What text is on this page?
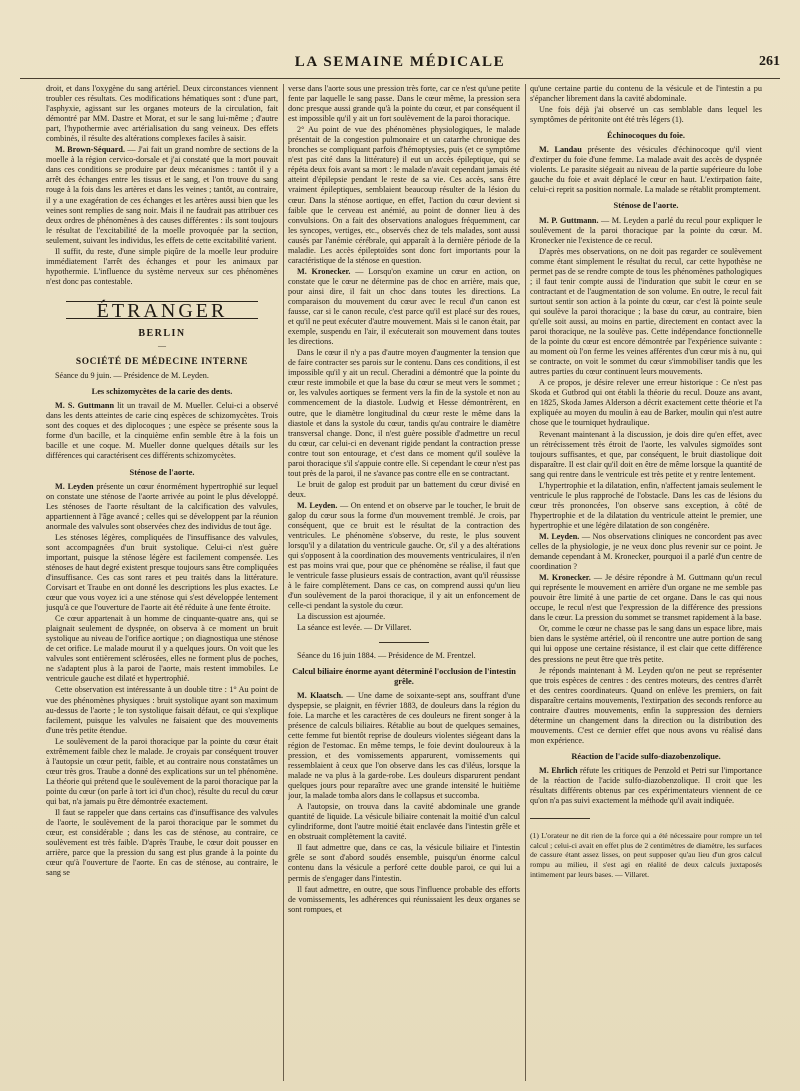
LA SEMAINE MÉDICALE	261

droit, et dans l'oxygène du sang artériel. Deux circonstances viennent troubler ces résultats. Ces modifications hématiques sont : d'une part, l'asphyxie, agissant sur les organes moteurs de la circulation, fait démontré par MM. Dastre et Morat, et sur le sang lui-même ; d'autre part, l'hypothermie avec artérialisation du sang veineux. Des effets combinés, il résulte des altérations complexes faciles à saisir.

M. Brown-Séquard. — J'ai fait un grand nombre de sections de la moelle à la région cervico-dorsale et j'ai constaté que la mort pouvait dans ces conditions se produire par deux mécanismes : tantôt il y a arrêt des échanges entre les tissus et le sang, et l'on trouve du sang rouge à la fois dans les artères et dans les veines ; tantôt, au contraire, il y a une exagération de ces échanges et les artères aussi bien que les veines sont remplies de sang noir. Mais il ne faudrait pas attribuer ces deux ordres de phénomènes à des causes différentes : ils sont toujours le résultat de l'excitabilité de la moelle provoquée par la section, seulement, suivant les individus, les effets de cette excitabilité varient.

Il suffit, du reste, d'une simple piqûre de la moelle leur produire immédiatement l'arrêt des échanges et pour les animaux par hypothermie. L'influence du système nerveux sur ces phénomènes n'est donc pas contestable.

ÉTRANGER
BERLIN
—
SOCIÉTÉ DE MÉDECINE INTERNE

Séance du 9 juin. — Présidence de M. Leyden.

Les schizomycètes de la carie des dents.

M. S. Guttmann lit un travail de M. Mueller. Celui-ci a observé dans les dents atteintes de carie cinq espèces de schizomycètes. Trois sont des coques et des diplocoques ; une espèce se présente sous la forme d'un bacille, et la cinquième enfin semble être à la fois un bacille et une coque. M. Mueller donne quelques détails sur les différences qui caractérisent ces différents schizomycètes.

Sténose de l'aorte.

M. Leyden présente un cœur énormément hypertrophié sur lequel on constate une sténose de l'aorte arrivée au point le plus développé. Les sténoses de l'aorte résultant de la calcification des valvules, appartiennent à l'âge avancé ; celles qui se développent par la réunion anormale des valvules sont observées chez des individus de tout âge.

Les sténoses légères, compliquées de l'insuffisance des valvules, sont accompagnées d'un bruit systolique. Celui-ci n'est guère important, puisque la sténose légère est facilement compensée. Les sténoses de haut degré existent presque toujours sans être compliquées d'insuffisance. Ces cas sont rares et peu traités dans la littérature. Corvisart et Traube en ont donné les descriptions les plus exactes. Le cœur que vous voyez ici a une sténose qui s'est développée lentement jusqu'à ce que l'ouverture de l'aorte ait été réduite à une fente étroite.

Ce cœur appartenait à un homme de cinquante-quatre ans, qui se plaignait seulement de dyspnée, on observa à ce moment un bruit systolique au niveau de l'orifice aortique ; on diagnostiqua une sténose de cet orifice. Le malade mourut il y a quelques jours. On voit que les valvules sont entièrement sclérosées, elles ne forment plus de poches, ne s'adaptent plus à la paroi de l'aorte, mais restent immobiles. Le ventricule gauche est dilaté et hypertrophié.

Cette observation est intéressante à un double titre : 1° Au point de vue des phénomènes physiques : bruit systolique ayant son maximum au-dessus de l'aorte ; le ton systolique faisait défaut, ce qui s'explique facilement, puisque les valvules ne faisaient que des mouvements d'une très petite étendue.

Le soulèvement de la paroi thoracique par la pointe du cœur était extrêmement faible chez le malade. Je croyais par conséquent trouver à l'autopsie un cœur petit, faible, et au contraire nous constatâmes un cœur très gros. Traube a donné des explications sur un tel phénomène. La théorie qui prétend que le soulèvement de la paroi thoracique par la pointe du cœur (on parle à tort ici d'un choc), résulte du recul du cœur qui bat, n'a jamais pu être démontrée exactement.

Il faut se rappeler que dans certains cas d'insuffisance des valvules de l'aorte, le soulèvement de la paroi thoracique par le sommet du cœur, est considérable ; dans les cas de sténose, au contraire, ce soulèvement est très faible. D'après Traube, le cœur doit pousser en arrière, parce que la pression du sang est plus grande à la pointe du cœur qu'à l'ouverture de l'aorte. En cas de sténose, au contraire, le sang se

verse dans l'aorte sous une pression très forte, car ce n'est qu'une petite fente par laquelle le sang passe. Dans le cœur même, la pression sera donc presque aussi grande qu'à la pointe du cœur, et par conséquent il est impossible qu'il y ait un fort soulèvement de la paroi thoracique.

2° Au point de vue des phénomènes physiologiques, le malade présentait de la congestion pulmonaire et un catarrhe chronique des bronches se compliquant parfois d'hémoptysies, puis (et ce symptôme n'est pas cité dans la littérature) il eut un accès épileptique, qui se répéta deux fois avant sa mort : le malade n'avait cependant jamais été atteint d'épilepsie pendant le reste de sa vie. Ces accès, sans être vraiment épileptiques, semblaient beaucoup résulter de la lésion du cœur. Dans la sténose aortique, en effet, l'action du cœur devient si faible que le cerveau est anémié, au point de donner lieu à des convulsions. On a fait des observations analogues fréquemment, car les syncopes, vertiges, etc., observés chez de tels malades, sont aussi causés par l'anémie cérébrale, qui apparaît à la dernière période de la maladie. Les accès épileptoïdes sont donc fort importants pour la caractéristique de la sténose en question.

M. Kronecker. — Lorsqu'on examine un cœur en action, on constate que le cœur ne détermine pas de choc en arrière, mais que, pour ainsi dire, il fait un choc dans toutes les directions. La comparaison du mouvement du cœur avec le recul d'un canon est fausse, car si le canon recule, c'est parce qu'il est placé sur des roues, et qu'il ne peut exécuter d'autre mouvement. Mais si le canon était, par exemple, suspendu en l'air, il exécuterait son mouvement dans toutes les directions.

Dans le cœur il n'y a pas d'autre moyen d'augmenter la tension que de faire contracter ses parois sur le contenu. Dans ces conditions, il est impossible qu'il y ait un recul. Cheradini a démontré que la pointe du cœur reste immobile et que la base du cœur se meut vers le sommet ; or, les valvules aortiques se ferment vers la fin de la systole et non au commencement de la diastole. Ludwig et Hesse démontrèrent, en outre, que le diamètre longitudinal du cœur reste le même dans la diastole et dans la systole du cœur, tandis qu'au contraire le diamètre transversal change. Donc, il n'est guère possible d'admettre un recul du cœur, car celui-ci en devenant rigide pendant la contraction presse contre tout son entourage, et c'est dans ce moment qu'il soulève la paroi thoracique s'il s'appuie contre elle. Si cependant le cœur n'est pas tout près de la paroi, il ne s'avance pas contre elle en se contractant.

Le bruit de galop est produit par un battement du cœur divisé en deux.

M. Leyden. — On entend et on observe par le toucher, le bruit de galop du cœur sous la forme d'un mouvement tremblé. Je crois, par conséquent, que ce bruit est le résultat de la contraction des ventricules. Le phénomène s'observe, du reste, le plus souvent lorsqu'il y a dilatation du ventricule gauche. Or, s'il y a des altérations qui s'opposent à la coordination des mouvements ventriculaires, il n'en est pas moins vrai que, pour que ce phénomène se réalise, il faut que le ventricule fasse plusieurs essais de contraction, avant qu'il réussisse à le faire complètement. Dans ce cas, on comprend aussi qu'un lieu d'un soulèvement de la paroi thoracique, il y ait un enfoncement de celle-ci pendant la systole du cœur.

La discussion est ajournée.

La séance est levée. — Dr Villaret.

Séance du 16 juin 1884. — Présidence de M. Frentzel.

Calcul biliaire énorme ayant déterminé l'occlusion de l'intestin grêle.

M. Klaatsch. — Une dame de soixante-sept ans, souffrant d'une dyspepsie, se plaignit, en février 1883, de douleurs dans la région du foie. La marche et les caractères de ces douleurs ne firent songer à la présence de calculs biliaires. Rétablie au bout de quelques semaines, cette femme fut bientôt reprise de douleurs violentes siégeant dans la région de l'estomac. En même temps, le foie devint douloureux à la pression, et des vomissements apparurent, vomissements qui ressemblaient à ceux que l'on observe dans les cas d'iléus, lorsque la malade ne va plus à la garde-robe. Les douleurs disparurent pendant quelques jours pour reparaître avec une grande intensité le huitième jour, la malade tomba alors dans le collapsus et succomba.

A l'autopsie, on trouva dans la cavité abdominale une grande quantité de liquide. La vésicule biliaire contenait la moitié d'un calcul cylindriforme, dont l'autre moitié était enclavée dans l'intestin grêle et en obstruait complètement la cavité.

Il faut admettre que, dans ce cas, la vésicule biliaire et l'intestin grêle se sont d'abord soudés ensemble, puisqu'un énorme calcul contenu dans la vésicule a perforé cette double paroi, ce qui lui a permis de s'engager dans l'intestin.

Il faut admettre, en outre, que sous l'influence probable des efforts de vomissements, les adhérences qui réunissaient les deux organes se sont rompues, et

qu'une certaine partie du contenu de la vésicule et de l'intestin a pu s'épancher librement dans la cavité abdominale.

Une fois déjà j'ai observé un cas semblable dans lequel les symptômes de péritonite ont été très légers (1).

Échinocoques du foie.

M. Landau présente des vésicules d'échinocoque qu'il vient d'extirper du foie d'une femme. La malade avait des accès de dyspnée violents. Le parasite siégeait au niveau de la partie supérieure du lobe gauche du foie et avait déplacé le cœur en haut. L'extirpation faite, celui-ci reprit sa position normale. La malade se rétablit promptement.

Sténose de l'aorte.

M. P. Guttmann. — M. Leyden a parlé du recul pour expliquer le soulèvement de la paroi thoracique par la pointe du cœur. M. Kronecker nie l'existence de ce recul.

D'après mes observations, on ne doit pas regarder ce soulèvement comme étant simplement le résultat du recul, car cette hypothèse ne permet pas de se rendre compte de tous les phénomènes pathologiques ; il faut tenir compte aussi de l'induration que subit le cœur en se contractant et de l'augmentation de son volume. En outre, le recul fait surtout sentir son action à la pointe du cœur, car c'est là pointe seule qui soulève la paroi thoracique ; la base du cœur, au contraire, bien qu'elle soit aussi, au moins en partie, directement en contact avec la paroi thoracique, ne la soulève pas. Cette indépendance fonctionnelle de la pointe du cœur est encore démontrée par l'expérience suivante : au moment où l'on ferme les veines afférentes d'un cœur mis à nu, qui se contracte, on voit le sommet du cœur s'immobiliser tandis que les autres parties du cœur continuent leurs mouvements.

A ce propos, je désire relever une erreur historique : Ce n'est pas Skoda et Gutbrod qui ont établi la théorie du recul. Douze ans avant, en 1825, Skoda James Alderson a décrit exactement cette théorie et l'a expliquée au moyen du moulin à eau de Barker, moulin qui n'est autre chose que le tourniquet hydraulique.

Revenant maintenant à la discussion, je dois dire qu'en effet, avec un rétrécissement très étroit de l'aorte, les valvules sigmoïdes sont toujours suffisantes, et que, par conséquent, le bruit diastolique doit disparaître. Il est clair qu'il doit en être de même lorsque la quantité de sang qui rentre dans le ventricule est très petite et y rentre lentement.

L'hypertrophie et la dilatation, enfin, n'affectent jamais seulement le ventricule le plus rapproché de l'obstacle. Dans les cas de lésions du cœur très prononcées, l'on observe sans exception, à côté de l'hypertrophie et de la dilatation du ventricule atteint le premier, une hypertrophie et une légère dilatation de son congénère.

M. Leyden. — Nos observations cliniques ne concordent pas avec celles de la physiologie, je ne veux donc plus revenir sur ce point. Je demande cependant à M. Kronecker, pourquoi il a parlé d'un centre de coordination ?

M. Kronecker. — Je désire répondre à M. Guttmann qu'un recul qui représente le mouvement en arrière d'un organe ne me semble pas pouvoir être limité à une partie de cet organe. Dans le cas qui nous occupe, le recul n'est que l'expression de la différence des pressions dans le cœur. La pression du sommet se transmet rapidement à la base.

Or, comme le cœur ne chasse pas le sang dans un espace libre, mais bien dans le système artériel, où il rencontre une autre portion de sang qui lui oppose une certaine résistance, il est clair que cette différence des pressions ne peut être que très petite.

Je réponds maintenant à M. Leyden qu'on ne peut se représenter que trois espèces de centres : des centres moteurs, des centres d'arrêt et des centres coordinateurs. Quand on enlève les premiers, on fait disparaître certains mouvements, l'extirpation des seconds renforce au contraire d'autres mouvements, enfin la suppression des derniers détermine un changement dans la direction ou la distribution des mouvements. C'est ce dernier effet que nous avons vu réalisé dans mon expérience.

Réaction de l'acide sulfo-diazobenzolique.

M. Ehrlich réfute les critiques de Penzold et Petri sur l'importance de la réaction de l'acide sulfo-diazobenzolique. Il croit que les résultats différents obtenus par ces expérimentateurs viennent de ce qu'on n'a pas suivi exactement la méthode qu'il avait indiquée.

(1) L'orateur ne dit rien de la force qui a été nécessaire pour rompre un tel calcul ; celui-ci avait en effet plus de 2 centimètres de diamètre, les surfaces de cassure étant assez lisses, on peut supposer qu'au lieu d'un gros calcul rompu au milieu, il s'est agi en réalité de deux calculs juxtaposés intimement par leurs bases. — Villaret.
